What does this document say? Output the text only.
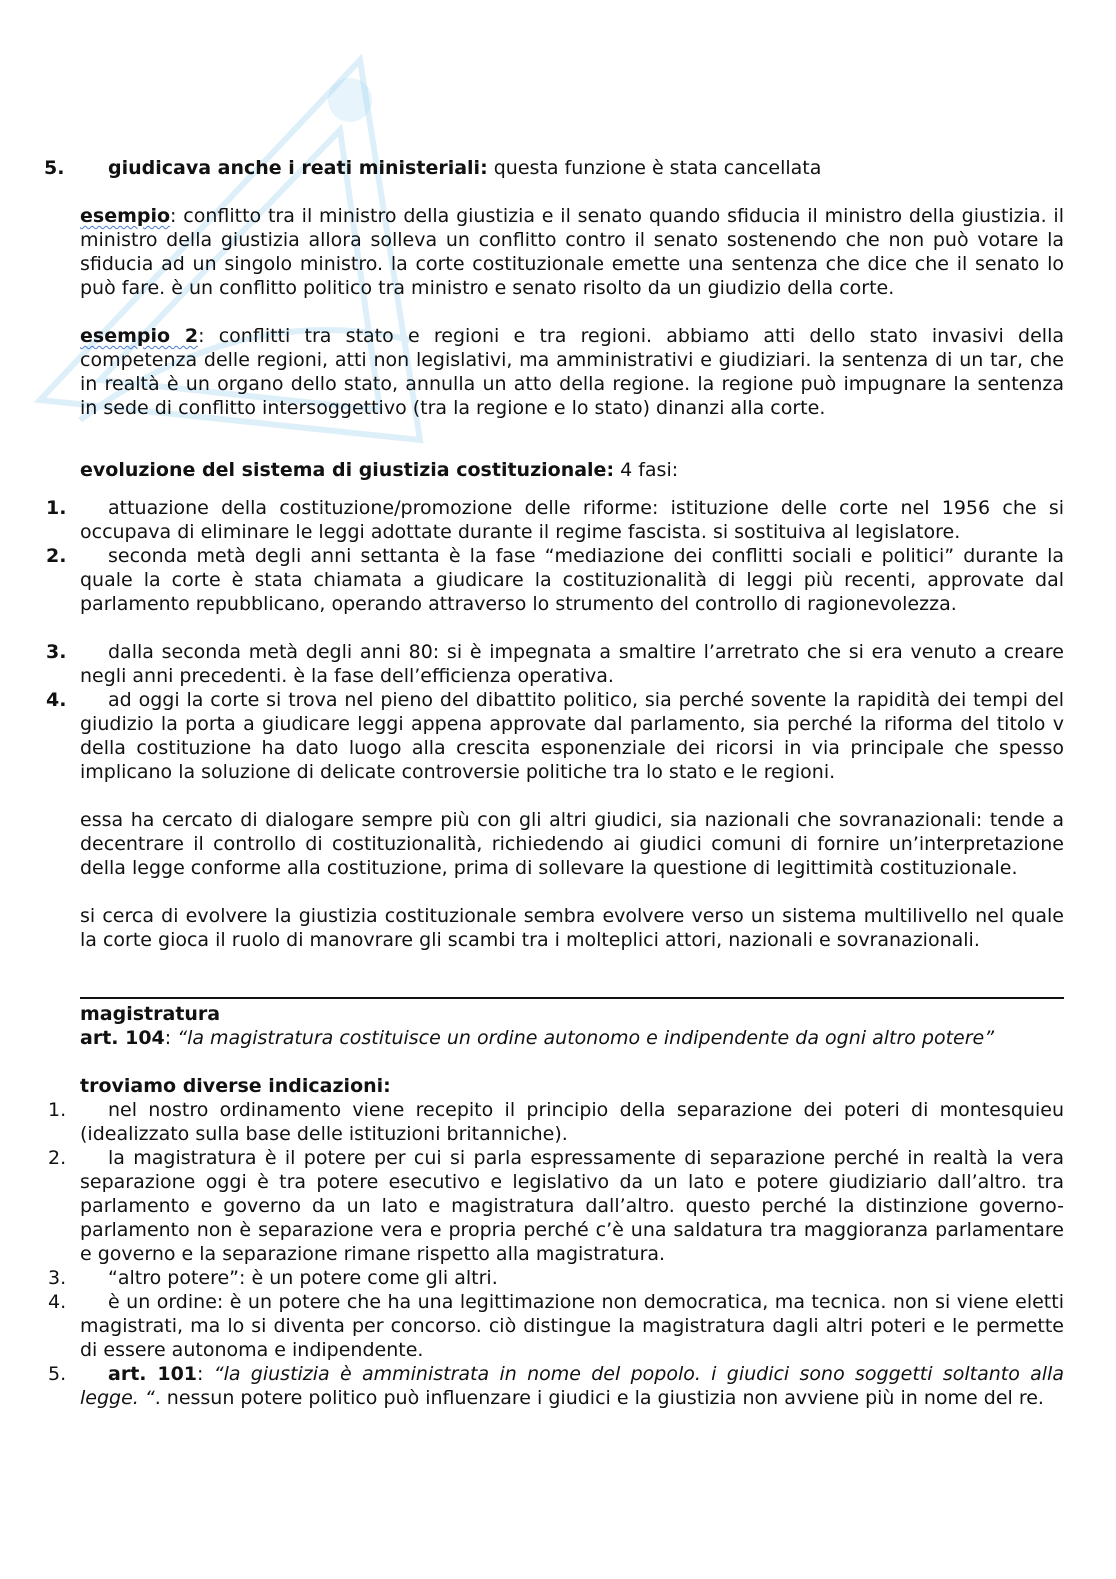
5. giudicava anche i reati ministeriali: questa funzione è stata cancellata
esempio: conflitto tra il ministro della giustizia e il senato quando sfiducia il ministro della giustizia. il ministro della giustizia allora solleva un conflitto contro il senato sostenendo che non può votare la sfiducia ad un singolo ministro. la corte costituzionale emette una sentenza che dice che il senato lo può fare. è un conflitto politico tra ministro e senato risolto da un giudizio della corte.
esempio 2: conflitti tra stato e regioni e tra regioni. abbiamo atti dello stato invasivi della competenza delle regioni, atti non legislativi, ma amministrativi e giudiziari. la sentenza di un tar, che in realtà è un organo dello stato, annulla un atto della regione. la regione può impugnare la sentenza in sede di conflitto intersoggettivo (tra la regione e lo stato) dinanzi alla corte.
evoluzione del sistema di giustizia costituzionale: 4 fasi:
1. attuazione della costituzione/promozione delle riforme: istituzione delle corte nel 1956 che si occupava di eliminare le leggi adottate durante il regime fascista. si sostituiva al legislatore.
2. seconda metà degli anni settanta è la fase “mediazione dei conflitti sociali e politici” durante la quale la corte è stata chiamata a giudicare la costituzionalità di leggi più recenti, approvate dal parlamento repubblicano, operando attraverso lo strumento del controllo di ragionevolezza.
3. dalla seconda metà degli anni 80: si è impegnata a smaltire l’arretrato che si era venuto a creare negli anni precedenti. è la fase dell’efficienza operativa.
4. ad oggi la corte si trova nel pieno del dibattito politico, sia perché sovente la rapidità dei tempi del giudizio la porta a giudicare leggi appena approvate dal parlamento, sia perché la riforma del titolo v della costituzione ha dato luogo alla crescita esponenziale dei ricorsi in via principale che spesso implicano la soluzione di delicate controversie politiche tra lo stato e le regioni.
essa ha cercato di dialogare sempre più con gli altri giudici, sia nazionali che sovranazionali: tende a decentrare il controllo di costituzionalità, richiedendo ai giudici comuni di fornire un’interpretazione della legge conforme alla costituzione, prima di sollevare la questione di legittimità costituzionale.
si cerca di evolvere la giustizia costituzionale sembra evolvere verso un sistema multilivello nel quale la corte gioca il ruolo di manovrare gli scambi tra i molteplici attori, nazionali e sovranazionali.
magistratura
art. 104: “la magistratura costituisce un ordine autonomo e indipendente da ogni altro potere”
troviamo diverse indicazioni:
1. nel nostro ordinamento viene recepito il principio della separazione dei poteri di montesquieu (idealizzato sulla base delle istituzioni britanniche).
2. la magistratura è il potere per cui si parla espressamente di separazione perché in realtà la vera separazione oggi è tra potere esecutivo e legislativo da un lato e potere giudiziario dall’altro. tra parlamento e governo da un lato e magistratura dall’altro. questo perché la distinzione governo-parlamento non è separazione vera e propria perché c’è una saldatura tra maggioranza parlamentare e governo e la separazione rimane rispetto alla magistratura.
3. “altro potere”: è un potere come gli altri.
4. è un ordine: è un potere che ha una legittimazione non democratica, ma tecnica. non si viene eletti magistrati, ma lo si diventa per concorso. ciò distingue la magistratura dagli altri poteri e le permette di essere autonoma e indipendente.
5. art. 101: “la giustizia è amministrata in nome del popolo. i giudici sono soggetti soltanto alla legge. “. nessun potere politico può influenzare i giudici e la giustizia non avviene più in nome del re.
